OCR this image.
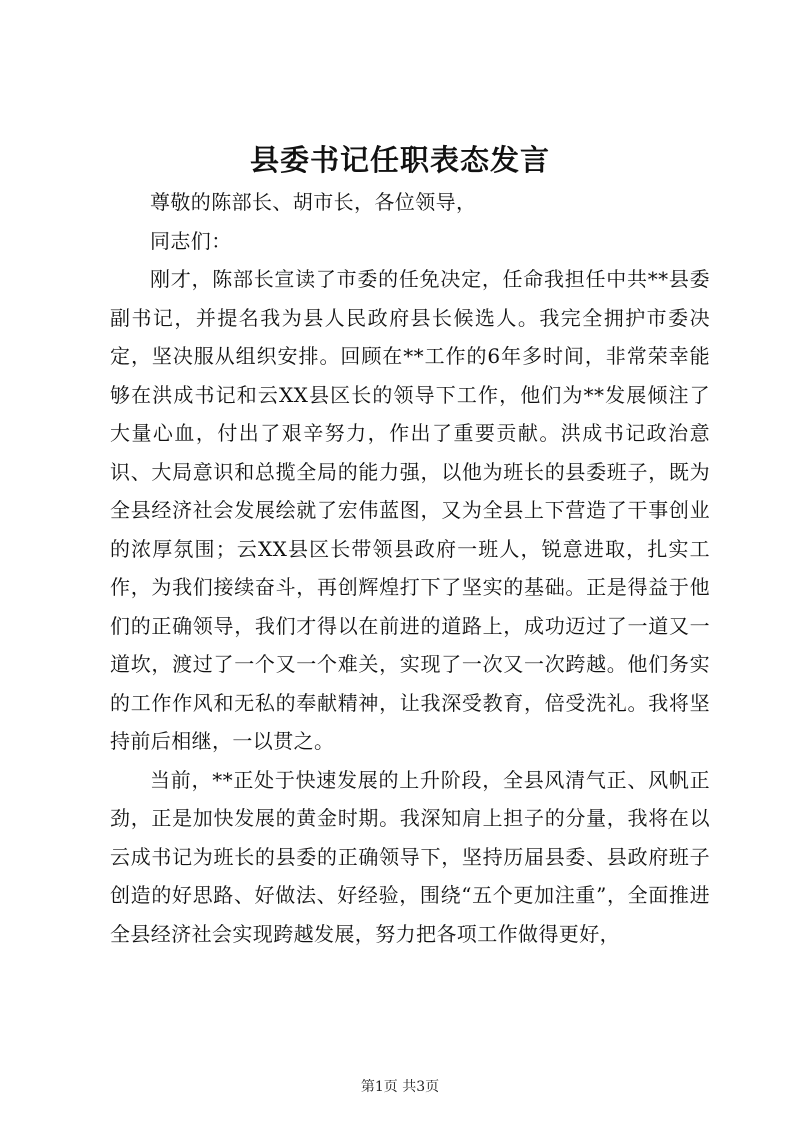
县委书记任职表态发言

尊敬的陈部长、胡市长，各位领导，

同志们：

刚才，陈部长宣读了市委的任免决定，任命我担任中共**县委副书记，并提名我为县人民政府县长候选人。我完全拥护市委决定，坚决服从组织安排。回顾在**工作的6年多时间，非常荣幸能够在洪成书记和云XX县区长的领导下工作，他们为**发展倾注了大量心血，付出了艰辛努力，作出了重要贡献。洪成书记政治意识、大局意识和总揽全局的能力强，以他为班长的县委班子，既为全县经济社会发展绘就了宏伟蓝图，又为全县上下营造了干事创业的浓厚氛围；云XX县区长带领县政府一班人，锐意进取，扎实工作，为我们接续奋斗，再创辉煌打下了坚实的基础。正是得益于他们的正确领导，我们才得以在前进的道路上，成功迈过了一道又一道坎，渡过了一个又一个难关，实现了一次又一次跨越。他们务实的工作作风和无私的奉献精神，让我深受教育，倍受洗礼。我将坚持前后相继，一以贯之。

当前，**正处于快速发展的上升阶段，全县风清气正、风帆正劲，正是加快发展的黄金时期。我深知肩上担子的分量，我将在以云成书记为班长的县委的正确领导下，坚持历届县委、县政府班子创造的好思路、好做法、好经验，围绕“五个更加注重”，全面推进全县经济社会实现跨越发展，努力把各项工作做得更好，

第1页 共3页
